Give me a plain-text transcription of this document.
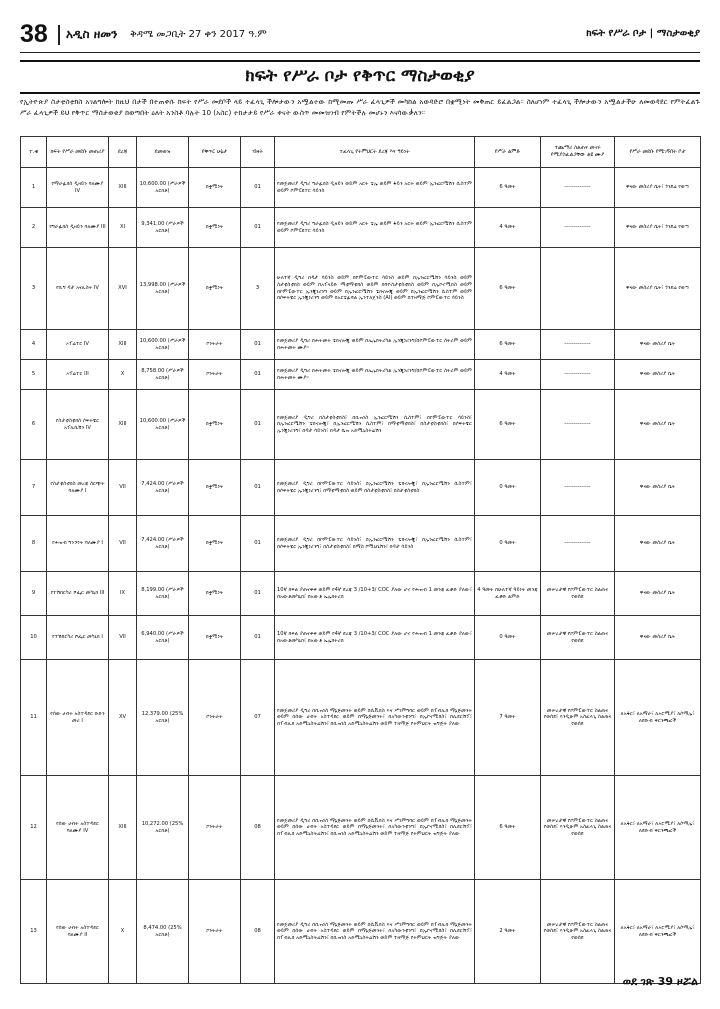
38 አዲስ ዘመን ቅዳሜ መጋቢት 27 ቀን 2017 ዓ.ም	ክፍት የሥራ ቦታ | ማስታወቂያ
ክፍት የሥራ ቦታ የቅጥር ማስታወቂያ
የኢትዮጵያ ስታቲስቲክስ አገልግሎት ከዚህ በታች በተጠቀሱ ክፍት የሥራ መደቦች ላይ ተፈላጊ ችሎታውን አሟልተው ከሚመጡ ሥራ ፈላጊዎች መካከል አወዳድሮ በቋሚነት መቅጠር ይፈልጋል። ስለሆነም ተፈላጊ ችሎታውን አሟልታችሁ ለመወዳደር የምትፈልጉ ሥራ ፈላጊዎች ይህ የቅጥር ማስታወቂያ ከወጣበት ዕለት አንስቶ ባሉት 10 (አስር) ተከታታይ የሥራ ቀናት ውስጥ መመዝገብ የምትችሉ መሆኑን እናሳውቃለን።
ተ.ቁ	ክፍት የሥራ መደቡ መጠሪያ	ደረጃ	ደመወዝ	የቅጥር ሁኔታ	ብዛት	ተፈላጊ የትምህርት ደረጃ እና ዓይነት	የሥራ ልምድ	ተጨማሪ ስልጠና መኖሩ የሚያስፈልጋቸው ልዩ ሙያ	የሥራ መደቡ የሚገኝበት ቦታ
1	የማራፊክስ ዲዛይን ባለሙያ IV	XIII	10,600.00 (ሥራዎች አርክቶ)	በቋሚነት	01	የመጀመሪያ ዲግሪ ግራፊክስ ዲዛይን ወይም አርት ቴሌ ወይም ፋይን አርት ወይም ኢንፎርሜሽን ሲስተም ወይም ኮምፒዩተር ሳይንስ	6 ዓመት	--------------	ዋናው መስሪያ ቤት፣ ጎንደሬ የወጣ
2	የግራፊክስ ዲዛይን ባለሙያ III	XI	9,341.00 (ሥራዎች አርክቶ)	በቋሚነት	01	የመጀመሪያ ዲግሪ ግራፊክስ ዲዛይን ወይም አርት ቴሌ ወይም ፋይን አርት ወይም ኢንፎርሜሽን ሲስተም ወይም ኮምፒዩተር ሳይንስ	4 ዓመት	--------------	ዋናው መስሪያ ቤት፣ ጎንደሬ የወጣ
3	የቢግ ዳታ አናሊስት IV	XVI	13,998.00 (ሥራዎች አርክቶ)	በቋሚነት	3	ሁለተኛ ዲግሪ በዳታ ሳይንስ ወይም በኮምፒውተር ሳይንስ ወይም በኢንፎርሜሽን ሳይንስ ወይም ስታቲስቲክስ ወይም በአፕላይድ ማቲማቲክስ ወይም በባዮስታቲስቲክስ ወይም በኢኮኖሚክስ ወይም በኮምፒውተር ኢንጂነሪንግ ወይም በኢንፎርሜሽን ቴክኖሎጂ ወይም በኢንፎርሜሽን ሲስተም ወይም በሶፍትዌር ኢንጂነሪንግ ወይም በአርቴፊሻል ኢንተለጀንስ (AI) ወይም በተዛማጅ ኮምፒውተር ሳይንስ	6 ዓመት		ዋናው መስሪያ ቤት፣ ጎንደሬ የወጣ
4	ኦፕሬተር IV	XIII	10,600.00 (ሥራዎች አርክቶ)	ኮንትራት	01	የመጀመሪያ ዲግሪ በሕትመት ቴክኖሎጂ ወይም በኤሌክትሪካል ኢንጂነሪንግ/በኮምፒውተር ስትሪም ወይም በሕትመት ሙያ።	6 ዓመት	--------------	ዋናው መስሪያ ቤት
5	ኦፕሬተር III	X	8,758.00 (ሥራዎች አርክቶ)	ኮንትራት	01	የመጀመሪያ ዲግሪ በሕትመት ቴክኖሎጂ ወይም በኤሌክትሪካል ኢንጂነሪንግ/በኮምፒውተር ስትሪም ወይም በሕትመት ሙያ።	4 ዓመት	--------------	ዋናው መስሪያ ቤት
6	የስታቲስቲክስ ሶፍትዌር አፕሊኬሽን IV	XIII	10,600.00 (ሥራዎች አርክቶ)	በቋሚነት	01	የመጀመሪያ ዲግሪ በስታቲስቲክስ፣ በቢዝነስ ኢንፎርሜሽን ሲስተም፣ በኮምፒውተር ሳይንስ፣ በኢንፎርሜሽን ቴክኖሎጂ፣ በኢንፎርሜሽን ሲስተም፣ በማቲማቲክስ፣ በስታቲስቲክስ፣ በሶፍትዌር ኢንጂነሪንግ፣ በዳታ ሳይንስ፣ በዳታ ቤዝ አድሚኒስትሬሽን	6 ዓመት	--------------	ዋናው መስሪያ ቤት
7	የስታቲስቲክስ መረጃ ስርጭት ባለሙያ I	VII	7,424.00 (ሥራዎች አርክቶ)	በቋሚነት	01	የመጀመሪያ ዲግሪ በኮምፒውተር ሳይንስ፣ በኢንፎርሜሽን ቴክኖሎጂ፣ በኢንፎርሜሽን ሲስተም፣ በሶፍትዌር ኢንጂነሪንግ፣ በማቲማቲክስ ወይም በስታቲስቲክስ፣ በስታቲስቲክስ	0 ዓመት	--------------	ዋናው መስሪያ ቤት
8	የሕዝብ ግንኙነት ባለሙያ I	VII	7,424.00 (ሥራዎች አርክቶ)	በቋሚነት	01	የመጀመሪያ ዲግሪ በኮምፒውተር ሳይንስ፣ በኢንፎርሜሽን ቴክኖሎጂ፣ በኢንፎርሜሽን ሲስተም፣ በሶፍትዌር ኢንጂነሪንግ፣ በስታቲስቲክስ፣ በማስ ኮሚኒኬሽን፣ በዳታ ሳይንስ	0 ዓመት	--------------	ዋናው መስሪያ ቤት
9	የተሽከርካሪ ሾፌር መካኒክ III	IX	8,199.00 (ሥራዎች አርክቶ)	በቋሚነት	01	10ኛ ክፍል ያጠናቀቀ ወይም የ4ኛ ደረጃ 3 /10+3/ COC ያለው ሆኖ የሕዝብ 1 መንጃ ፈቃድ ያለው፣ በአውቶመካኒክ፣ በአውቶ ኤሌክትሪክ	4 ዓመት በሁለተኛ ዓይነት መንጃ ፈቃድ ልምድ	መሠረታዊ የኮምፒውተር ስልጠና የወሰደ	ዋናው መስሪያ ቤት
10	የተሽከርካሪ ሾፌር መካኒክ I	VII	6,940.00 (ሥራዎች አርክቶ)	በቋሚነት	01	10ኛ ክፍል ያጠናቀቀ ወይም የ4ኛ ደረጃ 3 /10+3/ COC ያለው ሆኖ የሕዝብ 1 መንጃ ፈቃድ ያለው፣ በአውቶመካኒክ፣ በአውቶ ኤሌክትሪክ	0 ዓመት	መሠረታዊ የኮምፒውተር ስልጠና የወሰደ	ዋናው መስሪያ ቤት
11	የሰው ሀብት አስተዳደር ቡድን መሪ I	XV	12,379.00 (25% አርክቶ)	ኮንትራት	07	የመጀመሪያ ዲግሪ በቢዝነስ ማኔጅመንት ወይም በሲቪክስ እና ሥነምግባር ወይም በፐብሊክ ማኔጅመንት ወይም በሰው ሀብት አስተዳደር ወይም በማኔጅመንት፣ በአካውንቲንግ፣ በኢኮኖሚክስ፣ በሊደርሽፕ፣ በፐብሊክ አድሚኒስትሬሽን፣ በቢዝነስ አድሚኒስትሬሽን ወይም ተዛማጅ የትምህርት ዝግጅት ያለው	7 ዓመት	መሠረታዊ የኮምፒውተር ስልጠና የወሰደ፣ እንዲሁም አስፈላጊ ስልጠና የወሰደ	ለአፋር፣ ለአማራ፣ ለኦሮሚያ፣ ለሶማሌ፣ ለደቡብ ቅርንጫፎች
12	የሰው ሀብት አስተዳደር ባለሙያ IV	XIII	10,272.00 (25% አርክቶ)	ኮንትራት	08	የመጀመሪያ ዲግሪ በቢዝነስ ማኔጅመንት ወይም በሲቪክስ እና ሥነምግባር ወይም በፐብሊክ ማኔጅመንት ወይም በሰው ሀብት አስተዳደር ወይም በማኔጅመንት፣ በአካውንቲንግ፣ በኢኮኖሚክስ፣ በሊደርሽፕ፣ በፐብሊክ አድሚኒስትሬሽን፣ በቢዝነስ አድሚኒስትሬሽን ወይም ተዛማጅ የትምህርት ዝግጅት ያለው	6 ዓመት	መሠረታዊ የኮምፒውተር ስልጠና የወሰደ፣ እንዲሁም አስፈላጊ ስልጠና የወሰደ	ለአፋር፣ ለአማራ፣ ለኦሮሚያ፣ ለሶማሌ፣ ለደቡብ ቅርንጫፎች
13	የሰው ሀብት አስተዳደር ባለሙያ II	X	8,474.00 (25% አርክቶ)	ኮንትራት	08	የመጀመሪያ ዲግሪ በቢዝነስ ማኔጅመንት ወይም በሲቪክስ እና ሥነምግባር ወይም በፐብሊክ ማኔጅመንት ወይም በሰው ሀብት አስተዳደር ወይም በማኔጅመንት፣ በአካውንቲንግ፣ በኢኮኖሚክስ፣ በሊደርሽፕ፣ በፐብሊክ አድሚኒስትሬሽን፣ በቢዝነስ አድሚኒስትሬሽን ወይም ተዛማጅ የትምህርት ዝግጅት ያለው	2 ዓመት	መሠረታዊ የኮምፒውተር ስልጠና የወሰደ፣ እንዲሁም አስፈላጊ ስልጠና የወሰደ	ለአፋር፣ ለአማራ፣ ለኦሮሚያ፣ ለሶማሌ፣ ለደቡብ ቅርንጫፎች
ወደ ገጽ 39 ዞሯል
